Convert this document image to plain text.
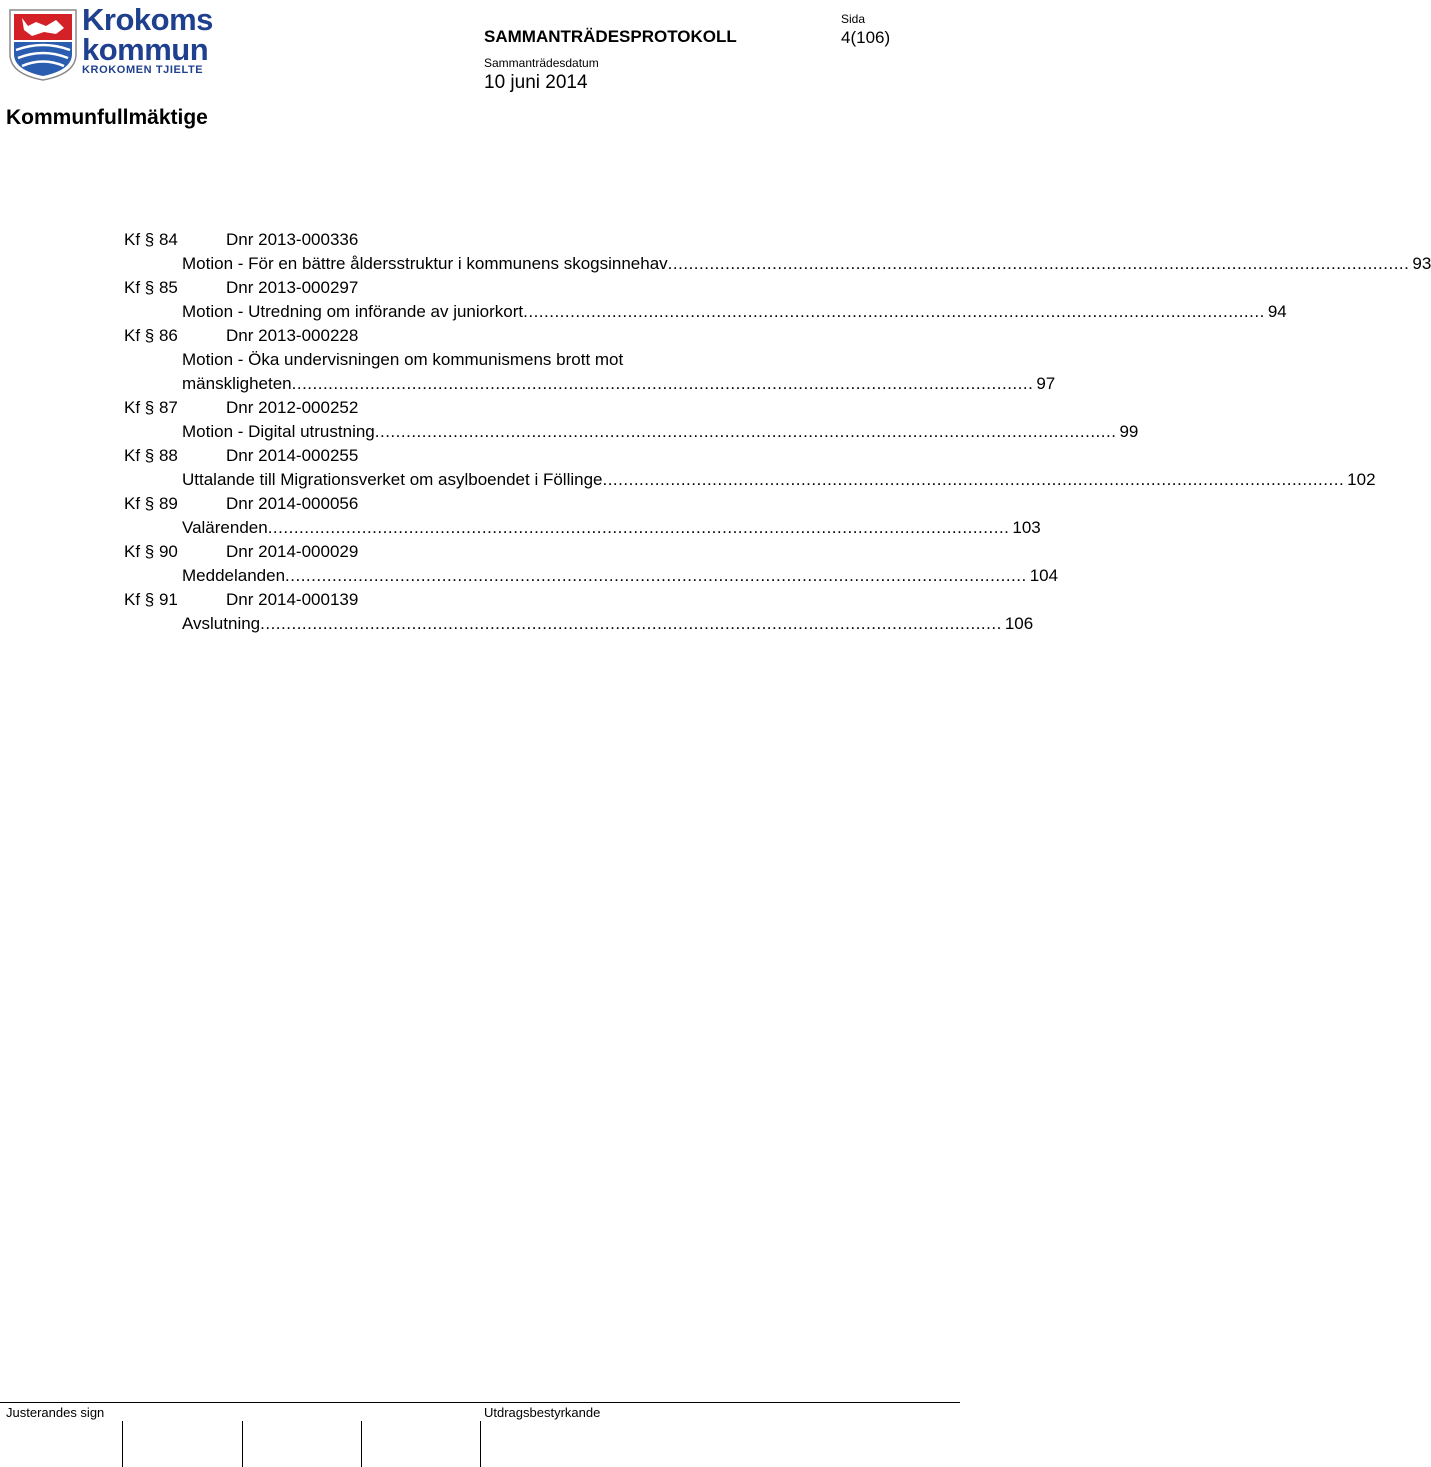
Krokoms
kommun
KROKOMEN TJIELTE
Kommunfullmäktige
SAMMANTRÄDESPROTOKOLL
Sammanträdesdatum
10 juni 2014
Sida
4(106)
Kf § 84	Dnr 2013-000336
Motion - För en bättre åldersstruktur i kommunens skogsinnehav .............................................................................................................................................. 93
Kf § 85	Dnr 2013-000297
Motion - Utredning om införande av juniorkort .............................................................................................................................................. 94
Kf § 86	Dnr 2013-000228
Motion - Öka undervisningen om kommunismens brott mot
mänskligheten .............................................................................................................................................. 97
Kf § 87	Dnr 2012-000252
Motion - Digital utrustning .............................................................................................................................................. 99
Kf § 88	Dnr 2014-000255
Uttalande till Migrationsverket om asylboendet i Föllinge .............................................................................................................................................. 102
Kf § 89	Dnr 2014-000056
Valärenden .............................................................................................................................................. 103
Kf § 90	Dnr 2014-000029
Meddelanden .............................................................................................................................................. 104
Kf § 91	Dnr 2014-000139
Avslutning .............................................................................................................................................. 106
Justerandes sign	Utdragsbestyrkande
